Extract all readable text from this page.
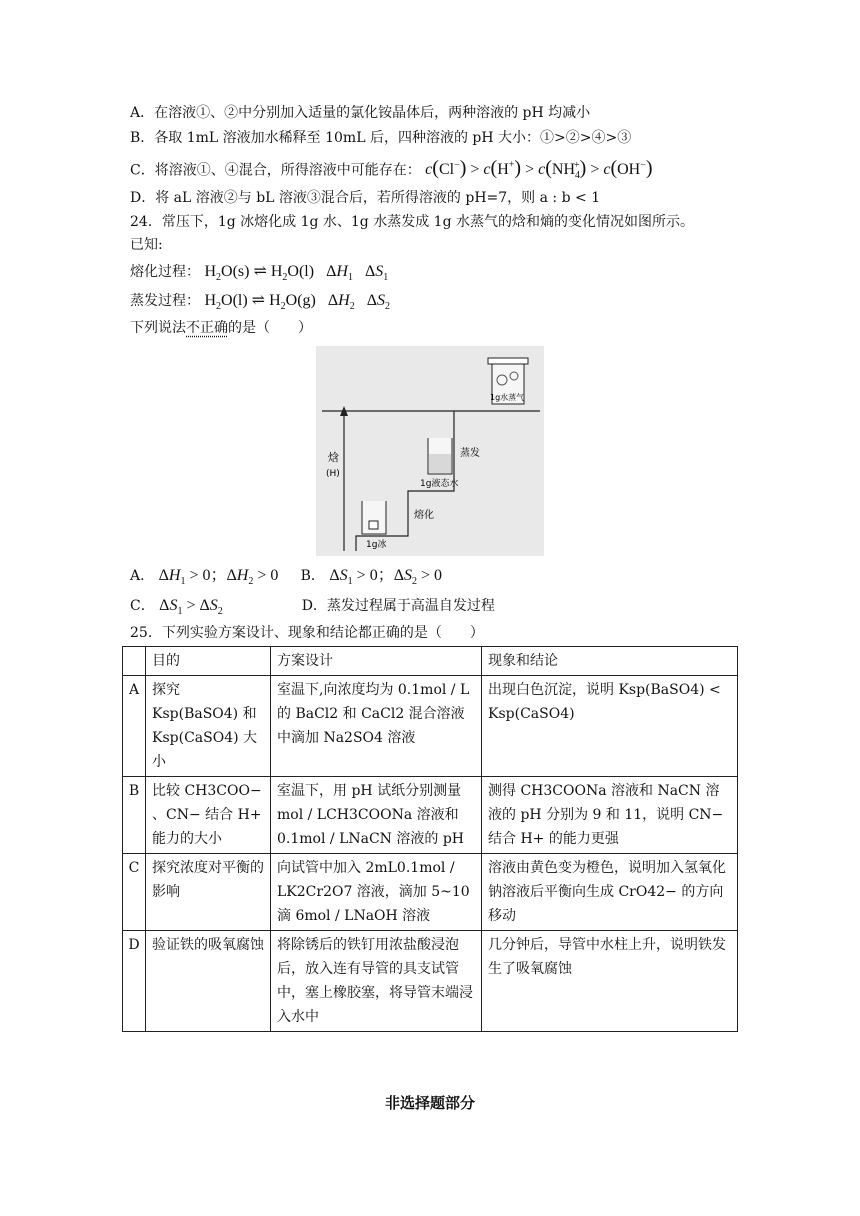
A．在溶液①、②中分别加入适量的氯化铵晶体后，两种溶液的 pH 均减小
B．各取 1mL 溶液加水稀释至 10mL 后，四种溶液的 pH 大小：①>②>④>③
C．将溶液①、④混合，所得溶液中可能存在： $c(Cl^-) > c(H^+) > c(NH_4^+) > c(OH^-)$
D．将 aL 溶液②与 bL 溶液③混合后，若所得溶液的 pH=7，则 a : b < 1
24．常压下，1g 冰熔化成 1g 水、1g 水蒸发成 1g 水蒸气的焓和熵的变化情况如图所示。
已知:
熔化过程： $H_2O(s)$ ⇌ $H_2O(l)$   $\Delta H_1$   $\Delta S_1$
蒸发过程： $H_2O(l)$ ⇌ $H_2O(g)$   $\Delta H_2$   $\Delta S_2$
下列说法不正确的是（　　）
焓
(H)
1g冰
1g液态水
1g水蒸气
熔化
蒸发
A． $\Delta H_1 > 0$；$\Delta H_2 > 0$ B． $\Delta S_1 > 0$；$\Delta S_2 > 0$
C． $\Delta S_1 > \Delta S_2$	D．蒸发过程属于高温自发过程
25．下列实验方案设计、现象和结论都正确的是（　　）
	目的	方案设计	现象和结论
A	探究 Ksp(BaSO4) 和 Ksp(CaSO4) 大小	室温下,向浓度均为 0.1mol / L 的 BaCl2 和 CaCl2 混合溶液中滴加 Na2SO4 溶液	出现白色沉淀，说明 Ksp(BaSO4) < Ksp(CaSO4)
B	比较 CH3COO− 、CN− 结合 H+ 能力的大小	室温下，用 pH 试纸分别测量 mol / LCH3COONa 溶液和 0.1mol / LNaCN 溶液的 pH	测得 CH3COONa 溶液和 NaCN 溶液的 pH 分别为 9 和 11，说明 CN− 结合 H+ 的能力更强
C	探究浓度对平衡的影响	向试管中加入 2mL0.1mol / LK2Cr2O7 溶液，滴加 5~10 滴 6mol / LNaOH 溶液	溶液由黄色变为橙色，说明加入氢氧化钠溶液后平衡向生成 CrO42− 的方向移动
D	验证铁的吸氧腐蚀	将除锈后的铁钉用浓盐酸浸泡后，放入连有导管的具支试管中，塞上橡胶塞，将导管末端浸入水中	几分钟后，导管中水柱上升，说明铁发生了吸氧腐蚀
非选择题部分
